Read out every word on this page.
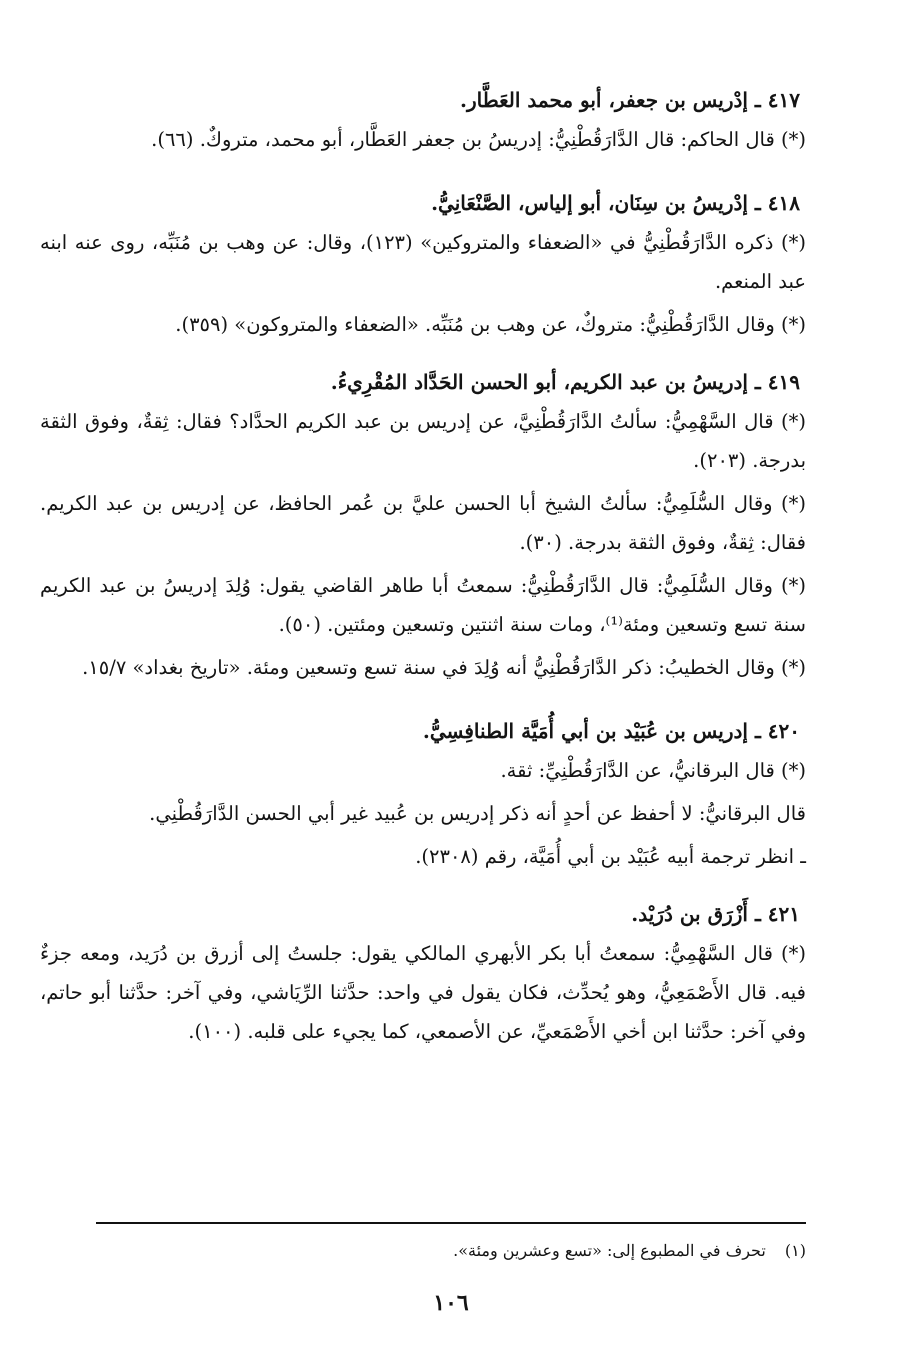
٤١٧ ـ إدْريس بن جعفر، أبو محمد العَطَّار.

(*) قال الحاكم: قال الدَّارَقُطْنِيُّ: إدريسُ بن جعفر العَطَّار، أبو محمد، متروكٌ. (٦٦).

٤١٨ ـ إدْريسُ بن سِنَان، أبو إلياس، الصَّنْعَانِيُّ.

(*) ذكره الدَّارَقُطْنِيُّ في «الضعفاء والمتروكين» (١٢٣)، وقال: عن وهب بن مُنَبِّه، روى عنه ابنه عبد المنعم.

(*) وقال الدَّارَقُطْنِيُّ: متروكٌ، عن وهب بن مُنَبِّه. «الضعفاء والمتروكون» (٣٥٩).

٤١٩ ـ إدريسُ بن عبد الكريم، أبو الحسن الحَدَّاد المُقْرِيءُ.

(*) قال السَّهْمِيُّ: سألتُ الدَّارَقُطْنِيَّ، عن إدريس بن عبد الكريم الحدَّاد؟ فقال: ثِقةٌ، وفوق الثقة بدرجة. (٢٠٣).

(*) وقال السُّلَمِيُّ: سألتُ الشيخ أبا الحسن عليَّ بن عُمر الحافظ، عن إدريس بن عبد الكريم. فقال: ثِقةٌ، وفوق الثقة بدرجة. (٣٠).

(*) وقال السُّلَمِيُّ: قال الدَّارَقُطْنِيُّ: سمعتُ أبا طاهر القاضي يقول: وُلِدَ إدريسُ بن عبد الكريم سنة تسع وتسعين ومئة⁽¹⁾، ومات سنة اثنتين وتسعين ومئتين. (٥٠).

(*) وقال الخطيبُ: ذكر الدَّارَقُطْنِيُّ أنه وُلِدَ في سنة تسع وتسعين ومئة. «تاريخ بغداد» ١٥/٧.

٤٢٠ ـ إدريس بن عُبَيْد بن أبي أُمَيَّة الطنافِسِيُّ.

(*) قال البرقانيُّ، عن الدَّارَقُطْنِيِّ: ثقة.

قال البرقانيُّ: لا أحفظ عن أحدٍ أنه ذكر إدريس بن عُبيد غير أبي الحسن الدَّارَقُطْنِي.

ـ انظر ترجمة أبيه عُبَيْد بن أبي أُمَيَّة، رقم (٢٣٠٨).

٤٢١ ـ أَزْرَق بن دُرَيْد.

(*) قال السَّهْمِيُّ: سمعتُ أبا بكر الأبهري المالكي يقول: جلستُ إلى أزرق بن دُرَيد، ومعه جزءٌ فيه. قال الأَصْمَعِيُّ، وهو يُحدِّث، فكان يقول في واحد: حدَّثنا الرِّيَاشي، وفي آخر: حدَّثنا أبو حاتم، وفي آخر: حدَّثنا ابن أخي الأَصْمَعيِّ، عن الأصمعي، كما يجيء على قلبه. (١٠٠).

(١) تحرف في المطبوع إلى: «تسع وعشرين ومئة».
١٠٦
